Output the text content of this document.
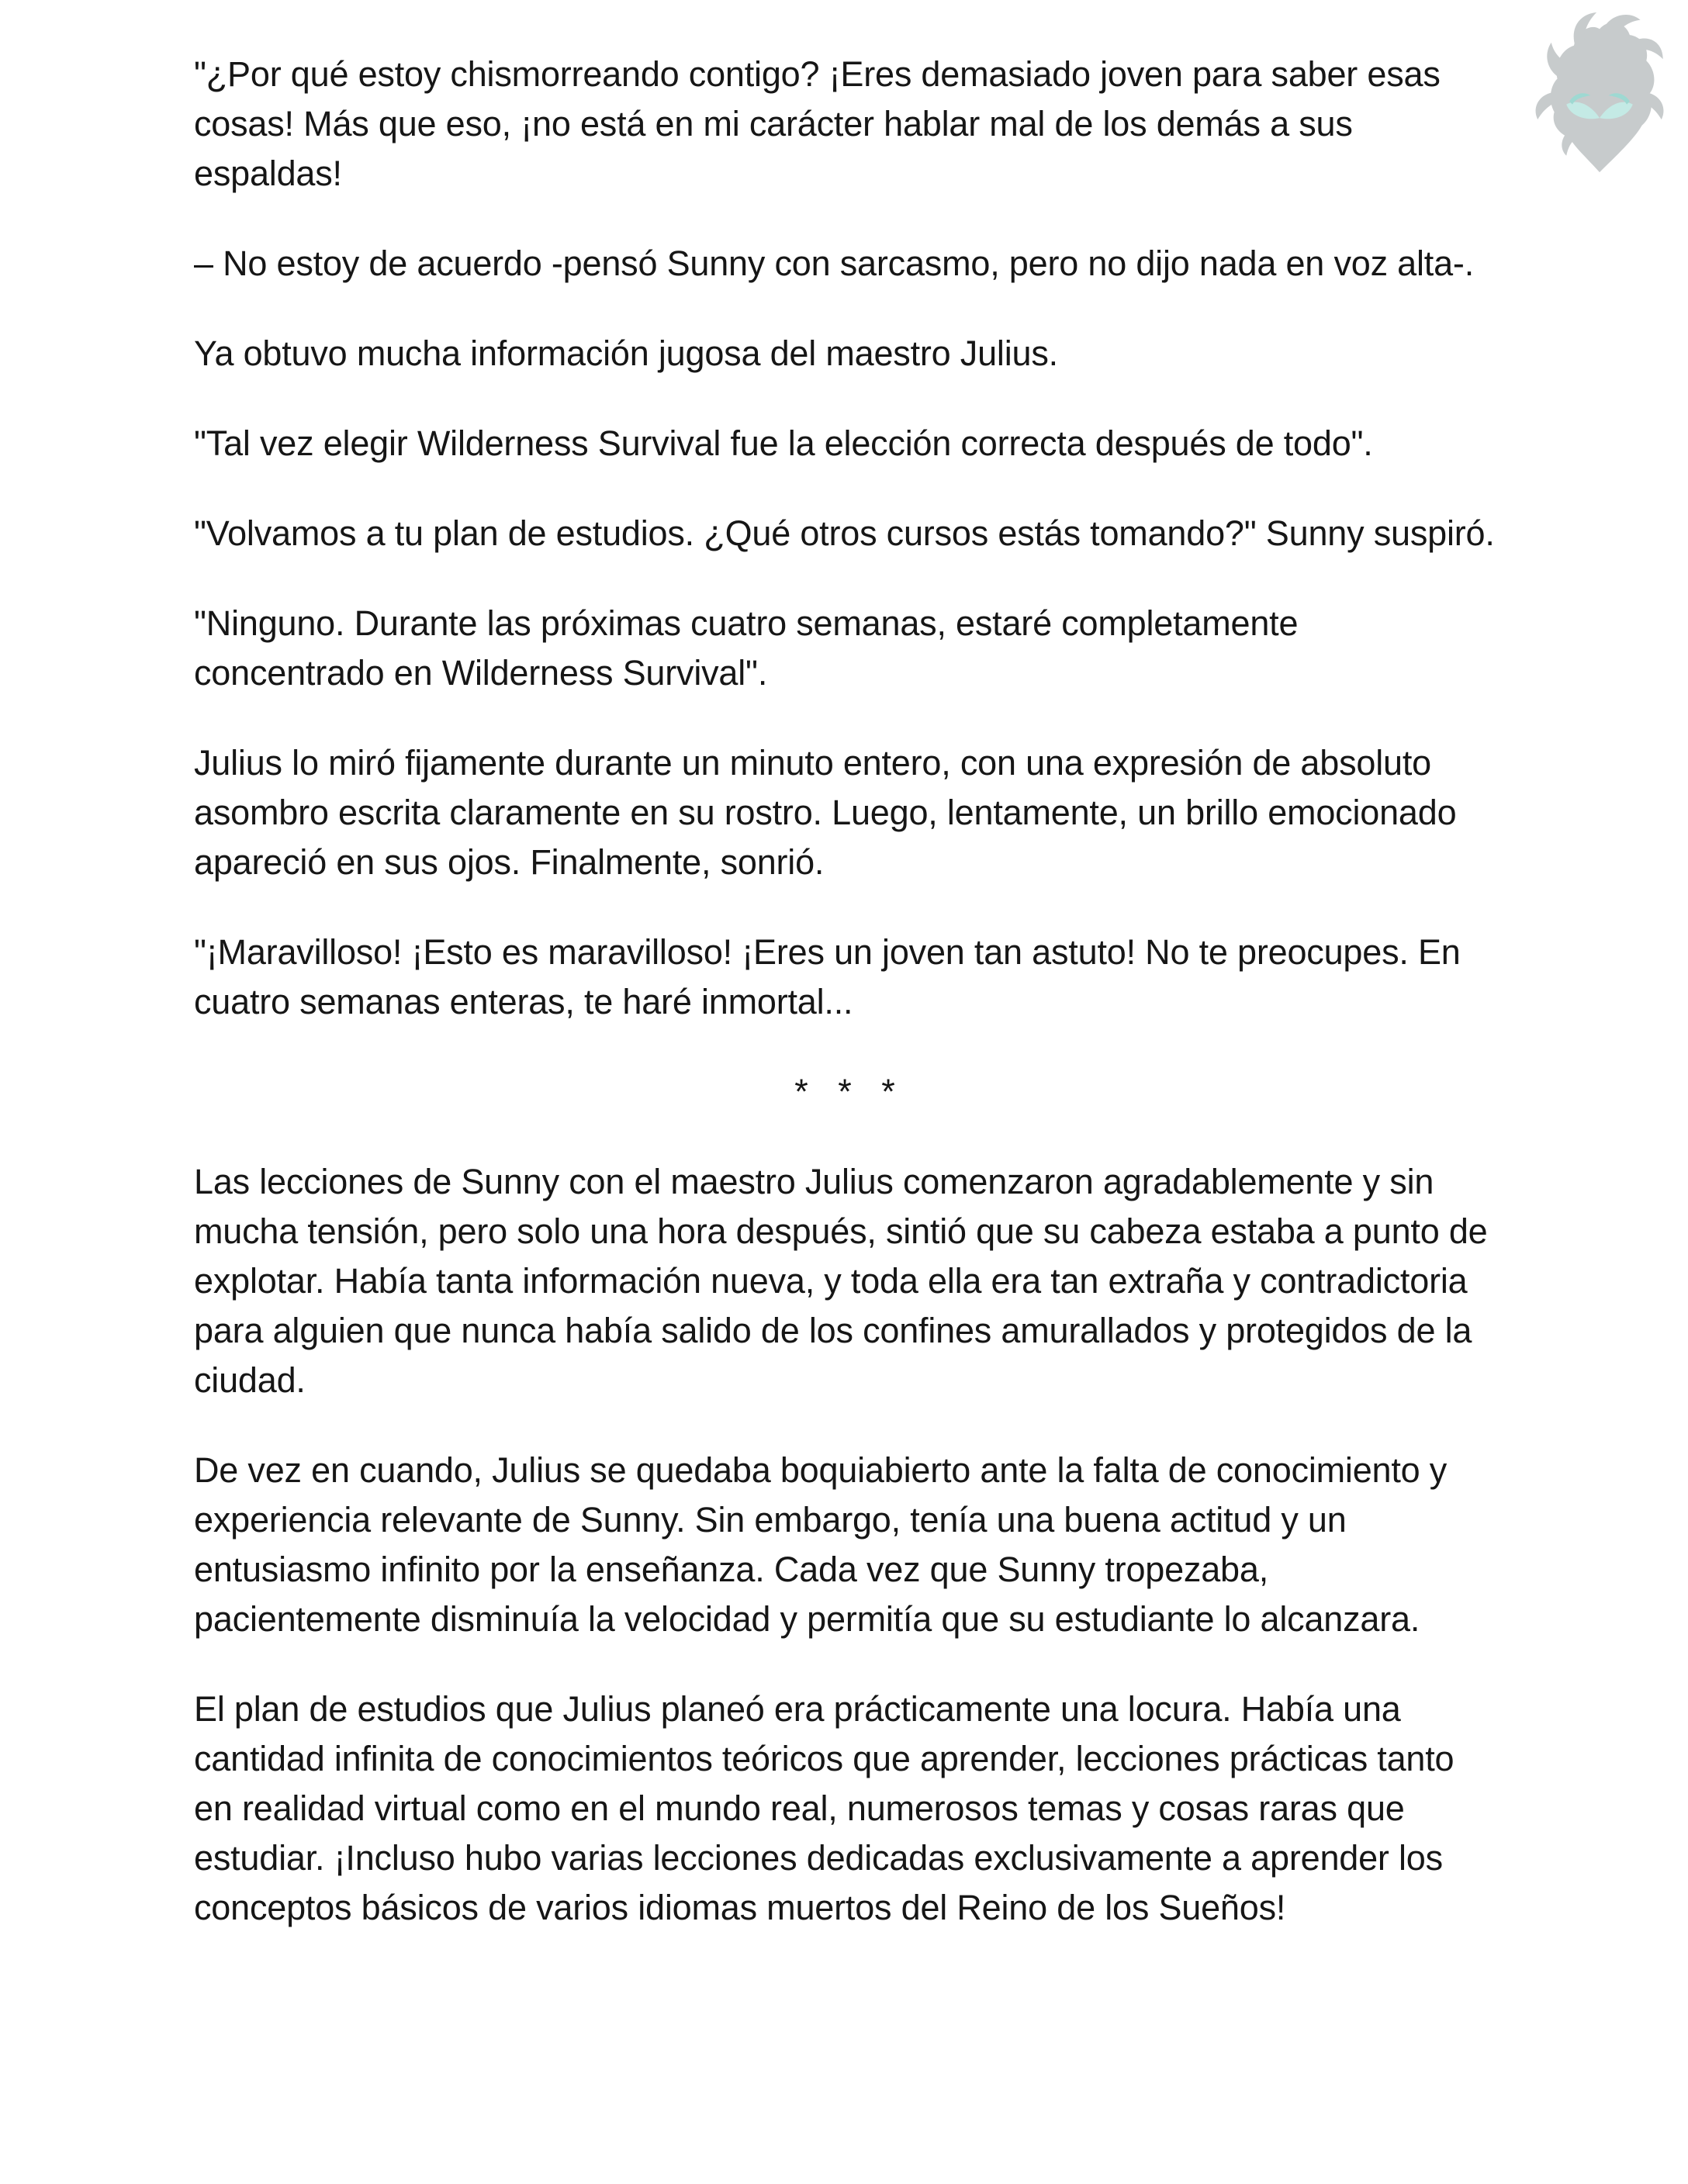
"¿Por qué estoy chismorreando contigo? ¡Eres demasiado joven para saber esas cosas! Más que eso, ¡no está en mi carácter hablar mal de los demás a sus espaldas!

– No estoy de acuerdo -pensó Sunny con sarcasmo, pero no dijo nada en voz alta-.

Ya obtuvo mucha información jugosa del maestro Julius.

"Tal vez elegir Wilderness Survival fue la elección correcta después de todo".

"Volvamos a tu plan de estudios. ¿Qué otros cursos estás tomando?" Sunny suspiró.

"Ninguno. Durante las próximas cuatro semanas, estaré completamente concentrado en Wilderness Survival".

Julius lo miró fijamente durante un minuto entero, con una expresión de absoluto asombro escrita claramente en su rostro. Luego, lentamente, un brillo emocionado apareció en sus ojos. Finalmente, sonrió.

"¡Maravilloso! ¡Esto es maravilloso! ¡Eres un joven tan astuto! No te preocupes. En cuatro semanas enteras, te haré inmortal...

* * *

Las lecciones de Sunny con el maestro Julius comenzaron agradablemente y sin mucha tensión, pero solo una hora después, sintió que su cabeza estaba a punto de explotar. Había tanta información nueva, y toda ella era tan extraña y contradictoria para alguien que nunca había salido de los confines amurallados y protegidos de la ciudad.

De vez en cuando, Julius se quedaba boquiabierto ante la falta de conocimiento y experiencia relevante de Sunny. Sin embargo, tenía una buena actitud y un entusiasmo infinito por la enseñanza. Cada vez que Sunny tropezaba, pacientemente disminuía la velocidad y permitía que su estudiante lo alcanzara.

El plan de estudios que Julius planeó era prácticamente una locura. Había una cantidad infinita de conocimientos teóricos que aprender, lecciones prácticas tanto en realidad virtual como en el mundo real, numerosos temas y cosas raras que estudiar. ¡Incluso hubo varias lecciones dedicadas exclusivamente a aprender los conceptos básicos de varios idiomas muertos del Reino de los Sueños!
